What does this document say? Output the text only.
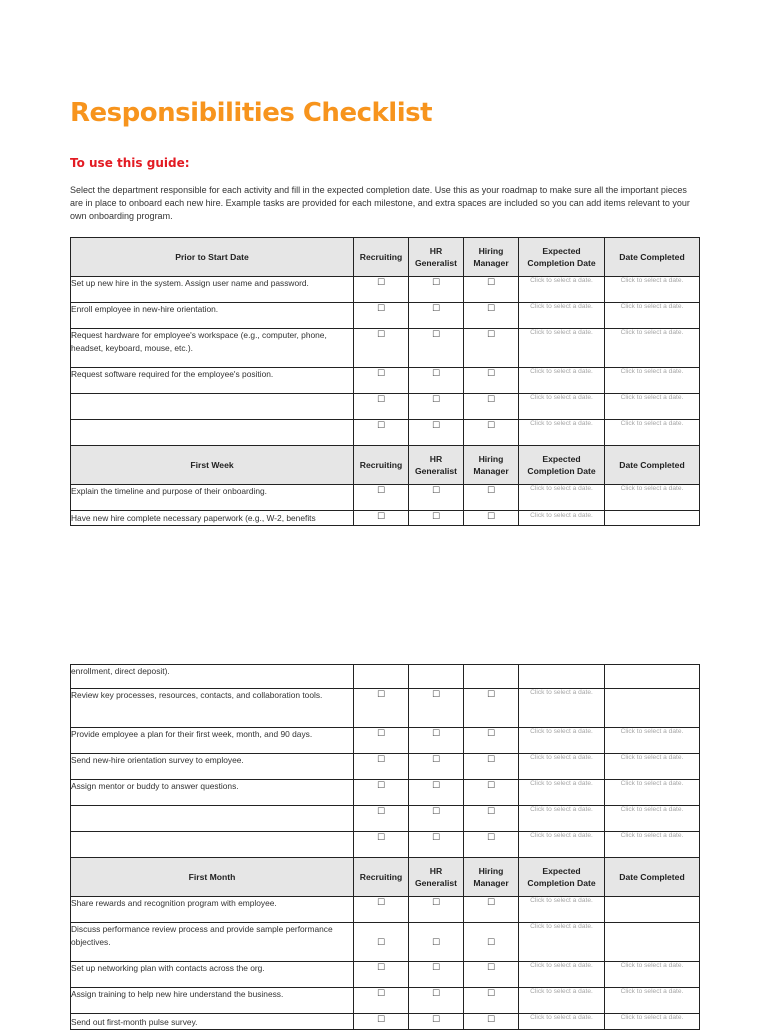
Responsibilities Checklist
To use this guide:

Select the department responsible for each activity and fill in the expected completion date. Use this as your roadmap to make sure all the important pieces are in place to onboard each new hire. Example tasks are provided for each milestone, and extra spaces are included so you can add items relevant to your own onboarding program.

Prior to Start Date	Recruiting	HR Generalist	Hiring Manager	Expected Completion Date	Date Completed
Set up new hire in the system. Assign user name and password.	☐	☐	☐	Click to select a date.	Click to select a date.
Enroll employee in new-hire orientation.	☐	☐	☐	Click to select a date.	Click to select a date.
Request hardware for employee's workspace (e.g., computer, phone, headset, keyboard, mouse, etc.).	☐	☐	☐	Click to select a date.	Click to select a date.
Request software required for the employee's position.	☐	☐	☐	Click to select a date.	Click to select a date.
	☐	☐	☐	Click to select a date.	Click to select a date.
	☐	☐	☐	Click to select a date.	Click to select a date.
First Week	Recruiting	HR Generalist	Hiring Manager	Expected Completion Date	Date Completed
Explain the timeline and purpose of their onboarding.	☐	☐	☐	Click to select a date.	Click to select a date.
Have new hire complete necessary paperwork (e.g., W-2, benefits	☐	☐	☐	Click to select a date.	
enrollment, direct deposit).					
Review key processes, resources, contacts, and collaboration tools.	☐	☐	☐	Click to select a date.	
Provide employee a plan for their first week, month, and 90 days.	☐	☐	☐	Click to select a date.	Click to select a date.
Send new-hire orientation survey to employee.	☐	☐	☐	Click to select a date.	Click to select a date.
Assign mentor or buddy to answer questions.	☐	☐	☐	Click to select a date.	Click to select a date.
	☐	☐	☐	Click to select a date.	Click to select a date.
	☐	☐	☐	Click to select a date.	Click to select a date.
First Month	Recruiting	HR Generalist	Hiring Manager	Expected Completion Date	Date Completed
Share rewards and recognition program with employee.	☐	☐	☐	Click to select a date.	
Discuss performance review process and provide sample performance objectives.	☐	☐	☐	Click to select a date.	
Set up networking plan with contacts across the org.	☐	☐	☐	Click to select a date.	Click to select a date.
Assign training to help new hire understand the business.	☐	☐	☐	Click to select a date.	Click to select a date.
Send out first-month pulse survey.	☐	☐	☐	Click to select a date.	Click to select a date.
